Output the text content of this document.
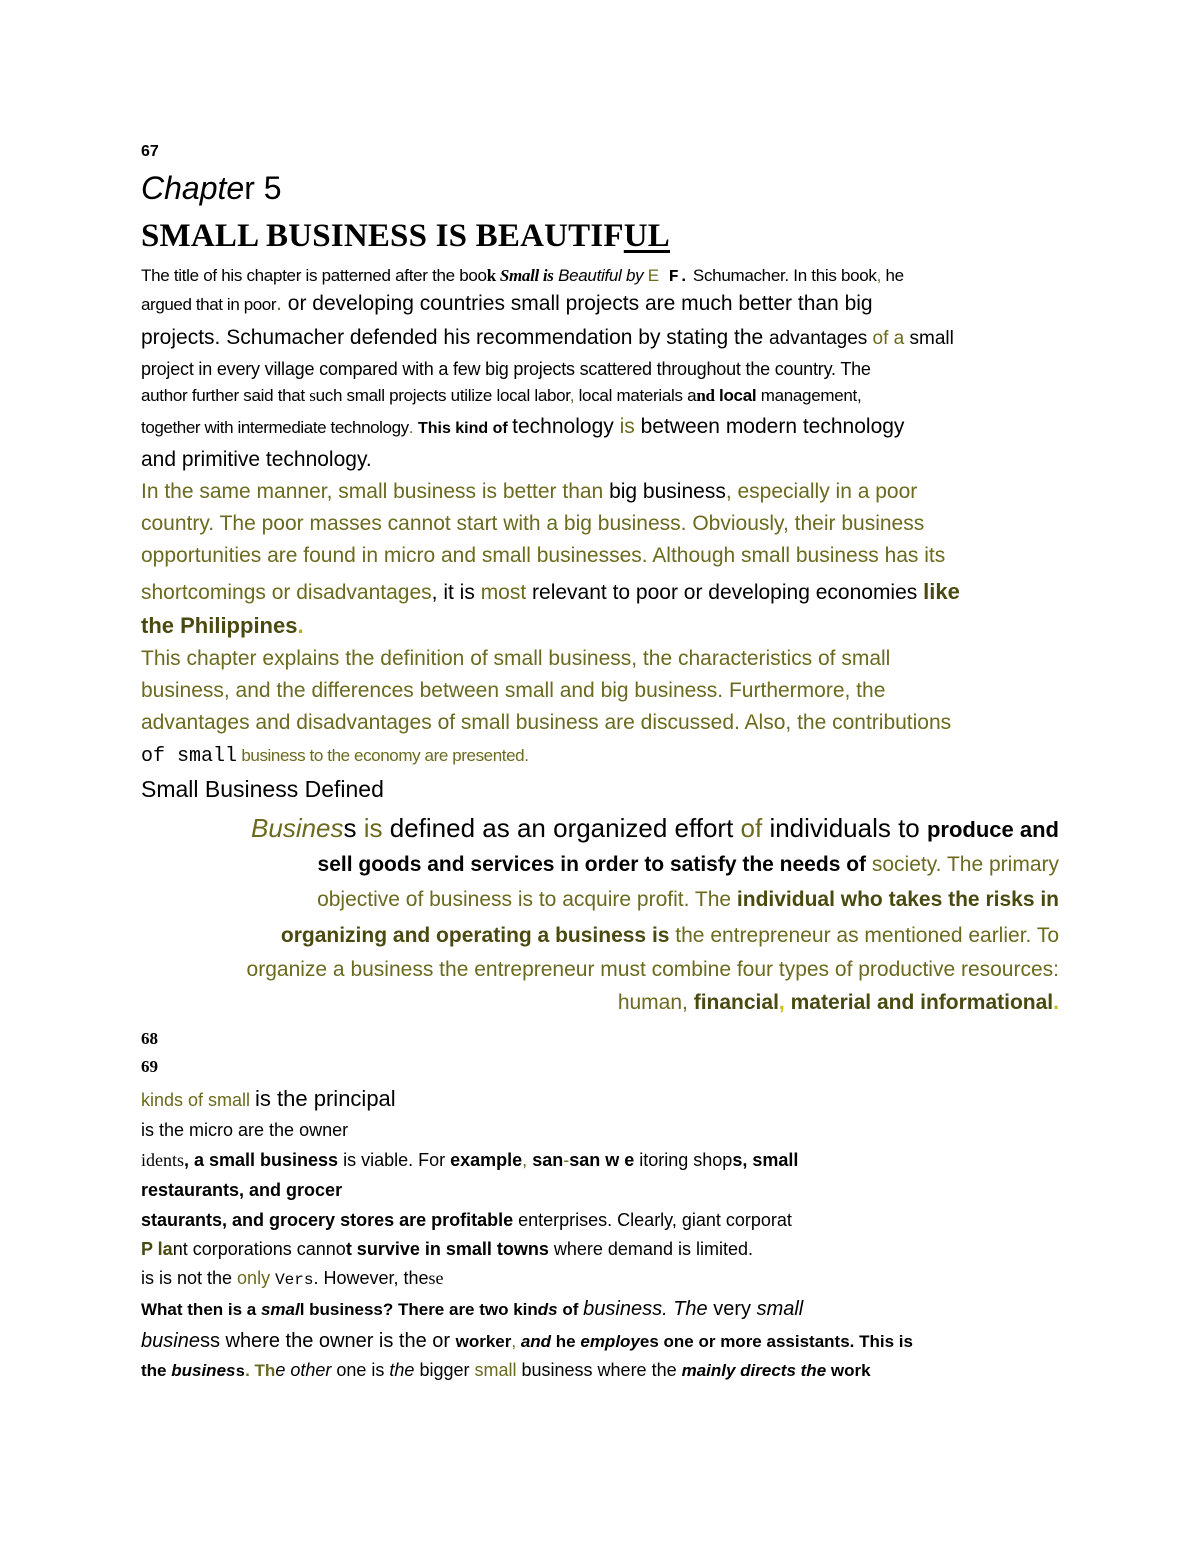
67
Chapter 5
SMALL BUSINESS IS BEAUTIFUL
The title of his chapter is patterned after the book Small is Beautiful by E F. Schumacher. In this book, he
argued that in poor. or developing countries small projects are much better than big
projects. Schumacher defended his recommendation by stating the advantages of a small
project in every village compared with a few big projects scattered throughout the country. The
author further said that such small projects utilize local labor, local materials and local management,
together with intermediate technology. This kind of technology is between modern technology
and primitive technology.
In the same manner, small business is better than big business, especially in a poor
country. The poor masses cannot start with a big business. Obviously, their business
opportunities are found in micro and small businesses. Although small business has its
shortcomings or disadvantages, it is most relevant to poor or developing economies like
the Philippines.
This chapter explains the definition of small business, the characteristics of small
business, and the differences between small and big business. Furthermore, the
advantages and disadvantages of small business are discussed. Also, the contributions
of small business to the economy are presented.
Small Business Defined
Business is defined as an organized effort of individuals to produce and
sell goods and services in order to satisfy the needs of society. The primary
objective of business is to acquire profit. The individual who takes the risks in
organizing and operating a business is the entrepreneur as mentioned earlier. To
organize a business the entrepreneur must combine four types of productive resources:
human, financial, material and informational.
68
69
kinds of small is the principal
is the micro are the owner
idents, a small business is viable. For example, san-san w e itoring shops, small
restaurants, and grocer
staurants, and grocery stores are profitable enterprises. Clearly, giant corporat
P lant corporations cannot survive in small towns where demand is limited.
is is not the only Vers. However, these
What then is a small business? There are two kinds of business. The very small
business where the owner is the or worker, and he employes one or more assistants. This is
the business. The other one is the bigger small business where the mainly directs the work
